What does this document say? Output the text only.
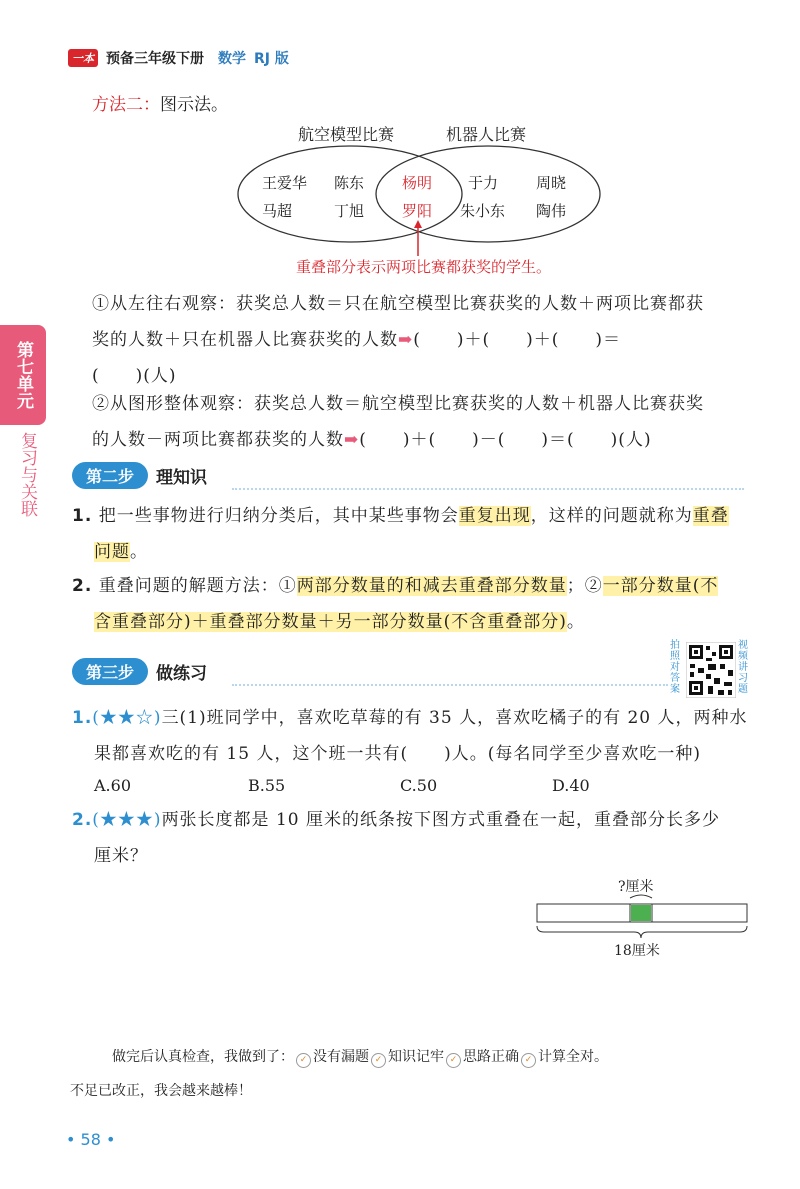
一本 预备三年级下册 数学 RJ 版
第七单元
复习与关联
方法二：图示法。
航空模型比赛	机器人比赛
王爱华 陈东
马超	丁旭
杨明
罗阳
于力	周晓
朱小东 陶伟
重叠部分表示两项比赛都获奖的学生。
①从左往右观察：获奖总人数＝只在航空模型比赛获奖的人数＋两项比赛都获
奖的人数＋只在机器人比赛获奖的人数➡(　　)＋(　　)＋(　　)＝
(　　)(人)
②从图形整体观察：获奖总人数＝航空模型比赛获奖的人数＋机器人比赛获奖
的人数－两项比赛都获奖的人数➡(　　)＋(　　)－(　　)＝(　　)(人)
第二步	理知识
1. 把一些事物进行归纳分类后，其中某些事物会重复出现，这样的问题就称为重叠
问题。
2. 重叠问题的解题方法：①两部分数量的和减去重叠部分数量；②一部分数量(不
含重叠部分)＋重叠部分数量＋另一部分数量(不含重叠部分)。
第三步	做练习
拍照对答案
视频讲习题
1.(★★☆)三(1)班同学中，喜欢吃草莓的有 35 人，喜欢吃橘子的有 20 人，两种水
果都喜欢吃的有 15 人，这个班一共有(　　)人。(每名同学至少喜欢吃一种)
A.60	B.55	C.50	D.40
2.(★★★)两张长度都是 10 厘米的纸条按下图方式重叠在一起，重叠部分长多少
厘米？
?厘米
18厘米
做完后认真检查，我做到了： ✓ 没有漏题 ✓ 知识记牢 ✓ 思路正确 ✓ 计算全对。
不足已改正，我会越来越棒！
• 58 •
